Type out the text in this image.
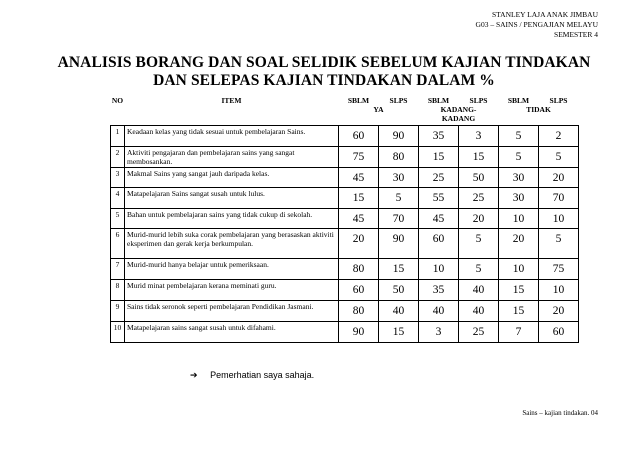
STANLEY LAJA ANAK JIMBAU
G03 – SAINS / PENGAJIAN MELAYU
SEMESTER 4
ANALISIS BORANG DAN SOAL SELIDIK SEBELUM KAJIAN TINDAKAN
DAN SELEPAS KAJIAN TINDAKAN DALAM %
NO	ITEM	SBLM	SLPS	SBLM	SLPS	SBLM	SLPS
		YA		KADANG-KADANG		TIDAK	
1	Keadaan kelas yang tidak sesuai untuk pembelajaran Sains.	60	90	35	3	5	2
2	Aktiviti pengajaran dan pembelajaran sains yang sangat membosankan.	75	80	15	15	5	5
3	Makmal Sains yang sangat jauh daripada kelas.	45	30	25	50	30	20
4	Matapelajaran Sains sangat susah untuk lulus.	15	5	55	25	30	70
5	Bahan untuk pembelajaran sains yang tidak cukup di sekolah.	45	70	45	20	10	10
6	Murid-murid lebih suka corak pembelajaran yang berasaskan aktiviti eksperimen dan gerak kerja berkumpulan.	20	90	60	5	20	5
7	Murid-murid hanya belajar untuk pemeriksaan.	80	15	10	5	10	75
8	Murid minat pembelajaran kerana meminati guru.	60	50	35	40	15	10
9	Sains tidak seronok seperti pembelajaran Pendidikan Jasmani.	80	40	40	40	15	20
10	Matapelajaran sains sangat susah untuk difahami.	90	15	3	25	7	60
➔ Pemerhatian saya sahaja.
Sains – kajian tindakan. 04
